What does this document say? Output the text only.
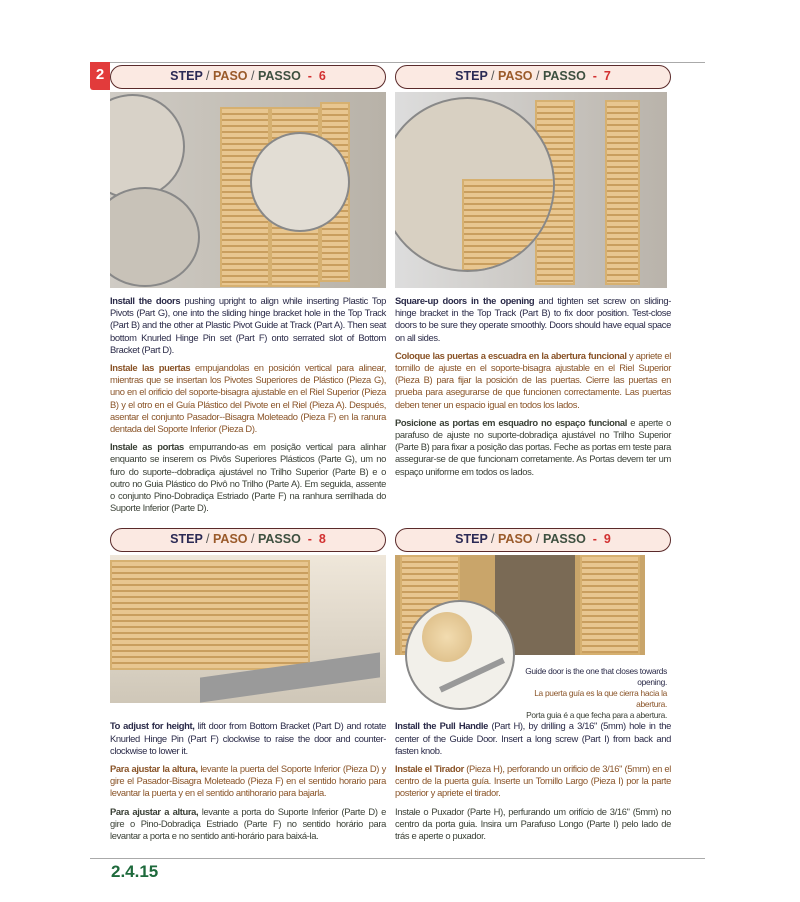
2	STEP / PASO / PASSO - 6

Install the doors pushing upright to align while inserting Plastic Top Pivots (Part G), one into the sliding hinge bracket hole in the Top Track (Part B) and the other at Plastic Pivot Guide at Track (Part A). Then seat bottom Knurled Hinge Pin set (Part F) onto serrated slot of Bottom Bracket (Part D).

Instale las puertas empujandolas en posición vertical para alinear, mientras que se insertan los Pivotes Superiores de Plástico (Pieza G), uno en el orificio del soporte-bisagra ajustable en el Riel Superior (Pieza B) y el otro en el Guía Plástico del Pivote en el Riel (Pieza A). Después, asentar el conjunto Pasador--Bisagra Moleteado (Pieza F) en la ranura dentada del Soporte Inferior (Pieza D).

Instale as portas empurrando-as em posição vertical para alinhar enquanto se inserem os Pivôs Superiores Plásticos (Parte G), um no furo do suporte--dobradiça ajustável no Trilho Superior (Parte B) e o outro no Guia Plástico do Pivô no Trilho (Parte A). Em seguida, assente o conjunto Pino-Dobradiça Estriado (Parte F) na ranhura serrilhada do Suporte Inferior (Parte D).

STEP / PASO / PASSO - 7

Square-up doors in the opening and tighten set screw on sliding-hinge bracket in the Top Track (Part B) to fix door position. Test-close doors to be sure they operate smoothly. Doors should have equal space on all sides.

Coloque las puertas a escuadra en la abertura funcional y apriete el tornillo de ajuste en el soporte-bisagra ajustable en el Riel Superior (Pieza B) para fijar la posición de las puertas. Cierre las puertas en prueba para asegurarse de que funcionen correctamente. Las puertas deben tener un espacio igual en todos los lados.

Posicione as portas em esquadro no espaço funcional e aperte o parafuso de ajuste no suporte-dobradiça ajustável no Trilho Superior (Parte B) para fixar a posição das portas. Feche as portas em teste para assegurar-se de que funcionam corretamente. As Portas devem ter um espaço uniforme em todos os lados.

STEP / PASO / PASSO - 8

To adjust for height, lift door from Bottom Bracket (Part D) and rotate Knurled Hinge Pin (Part F) clockwise to raise the door and counter-clockwise to lower it.

Para ajustar la altura, levante la puerta del Soporte Inferior (Pieza D) y gire el Pasador-Bisagra Moleteado (Pieza F) en el sentido horario para levantar la puerta y en el sentido antihorario para bajarla.

Para ajustar a altura, levante a porta do Suporte Inferior (Parte D) e gire o Pino-Dobradiça Estriado (Parte F) no sentido horário para levantar a porta e no sentido anti-horário para baixá-la.

STEP / PASO / PASSO - 9
Guide door is the one that closes towards opening.
La puerta guía es la que cierra hacia la abertura.
Porta guia é a que fecha para a abertura.

Install the Pull Handle (Part H), by drilling a 3/16" (5mm) hole in the center of the Guide Door. Insert a long screw (Part I) from back and fasten knob.

Instale el Tirador (Pieza H), perforando un orificio de 3/16" (5mm) en el centro de la puerta guía. Inserte un Tornillo Largo (Pieza I) por la parte posterior y apriete el tirador.

Instale o Puxador (Parte H), perfurando um orifício de 3/16" (5mm) no centro da porta guia. Insira um Parafuso Longo (Parte I) pelo lado de trás e aperte o puxador.

2.4.15
